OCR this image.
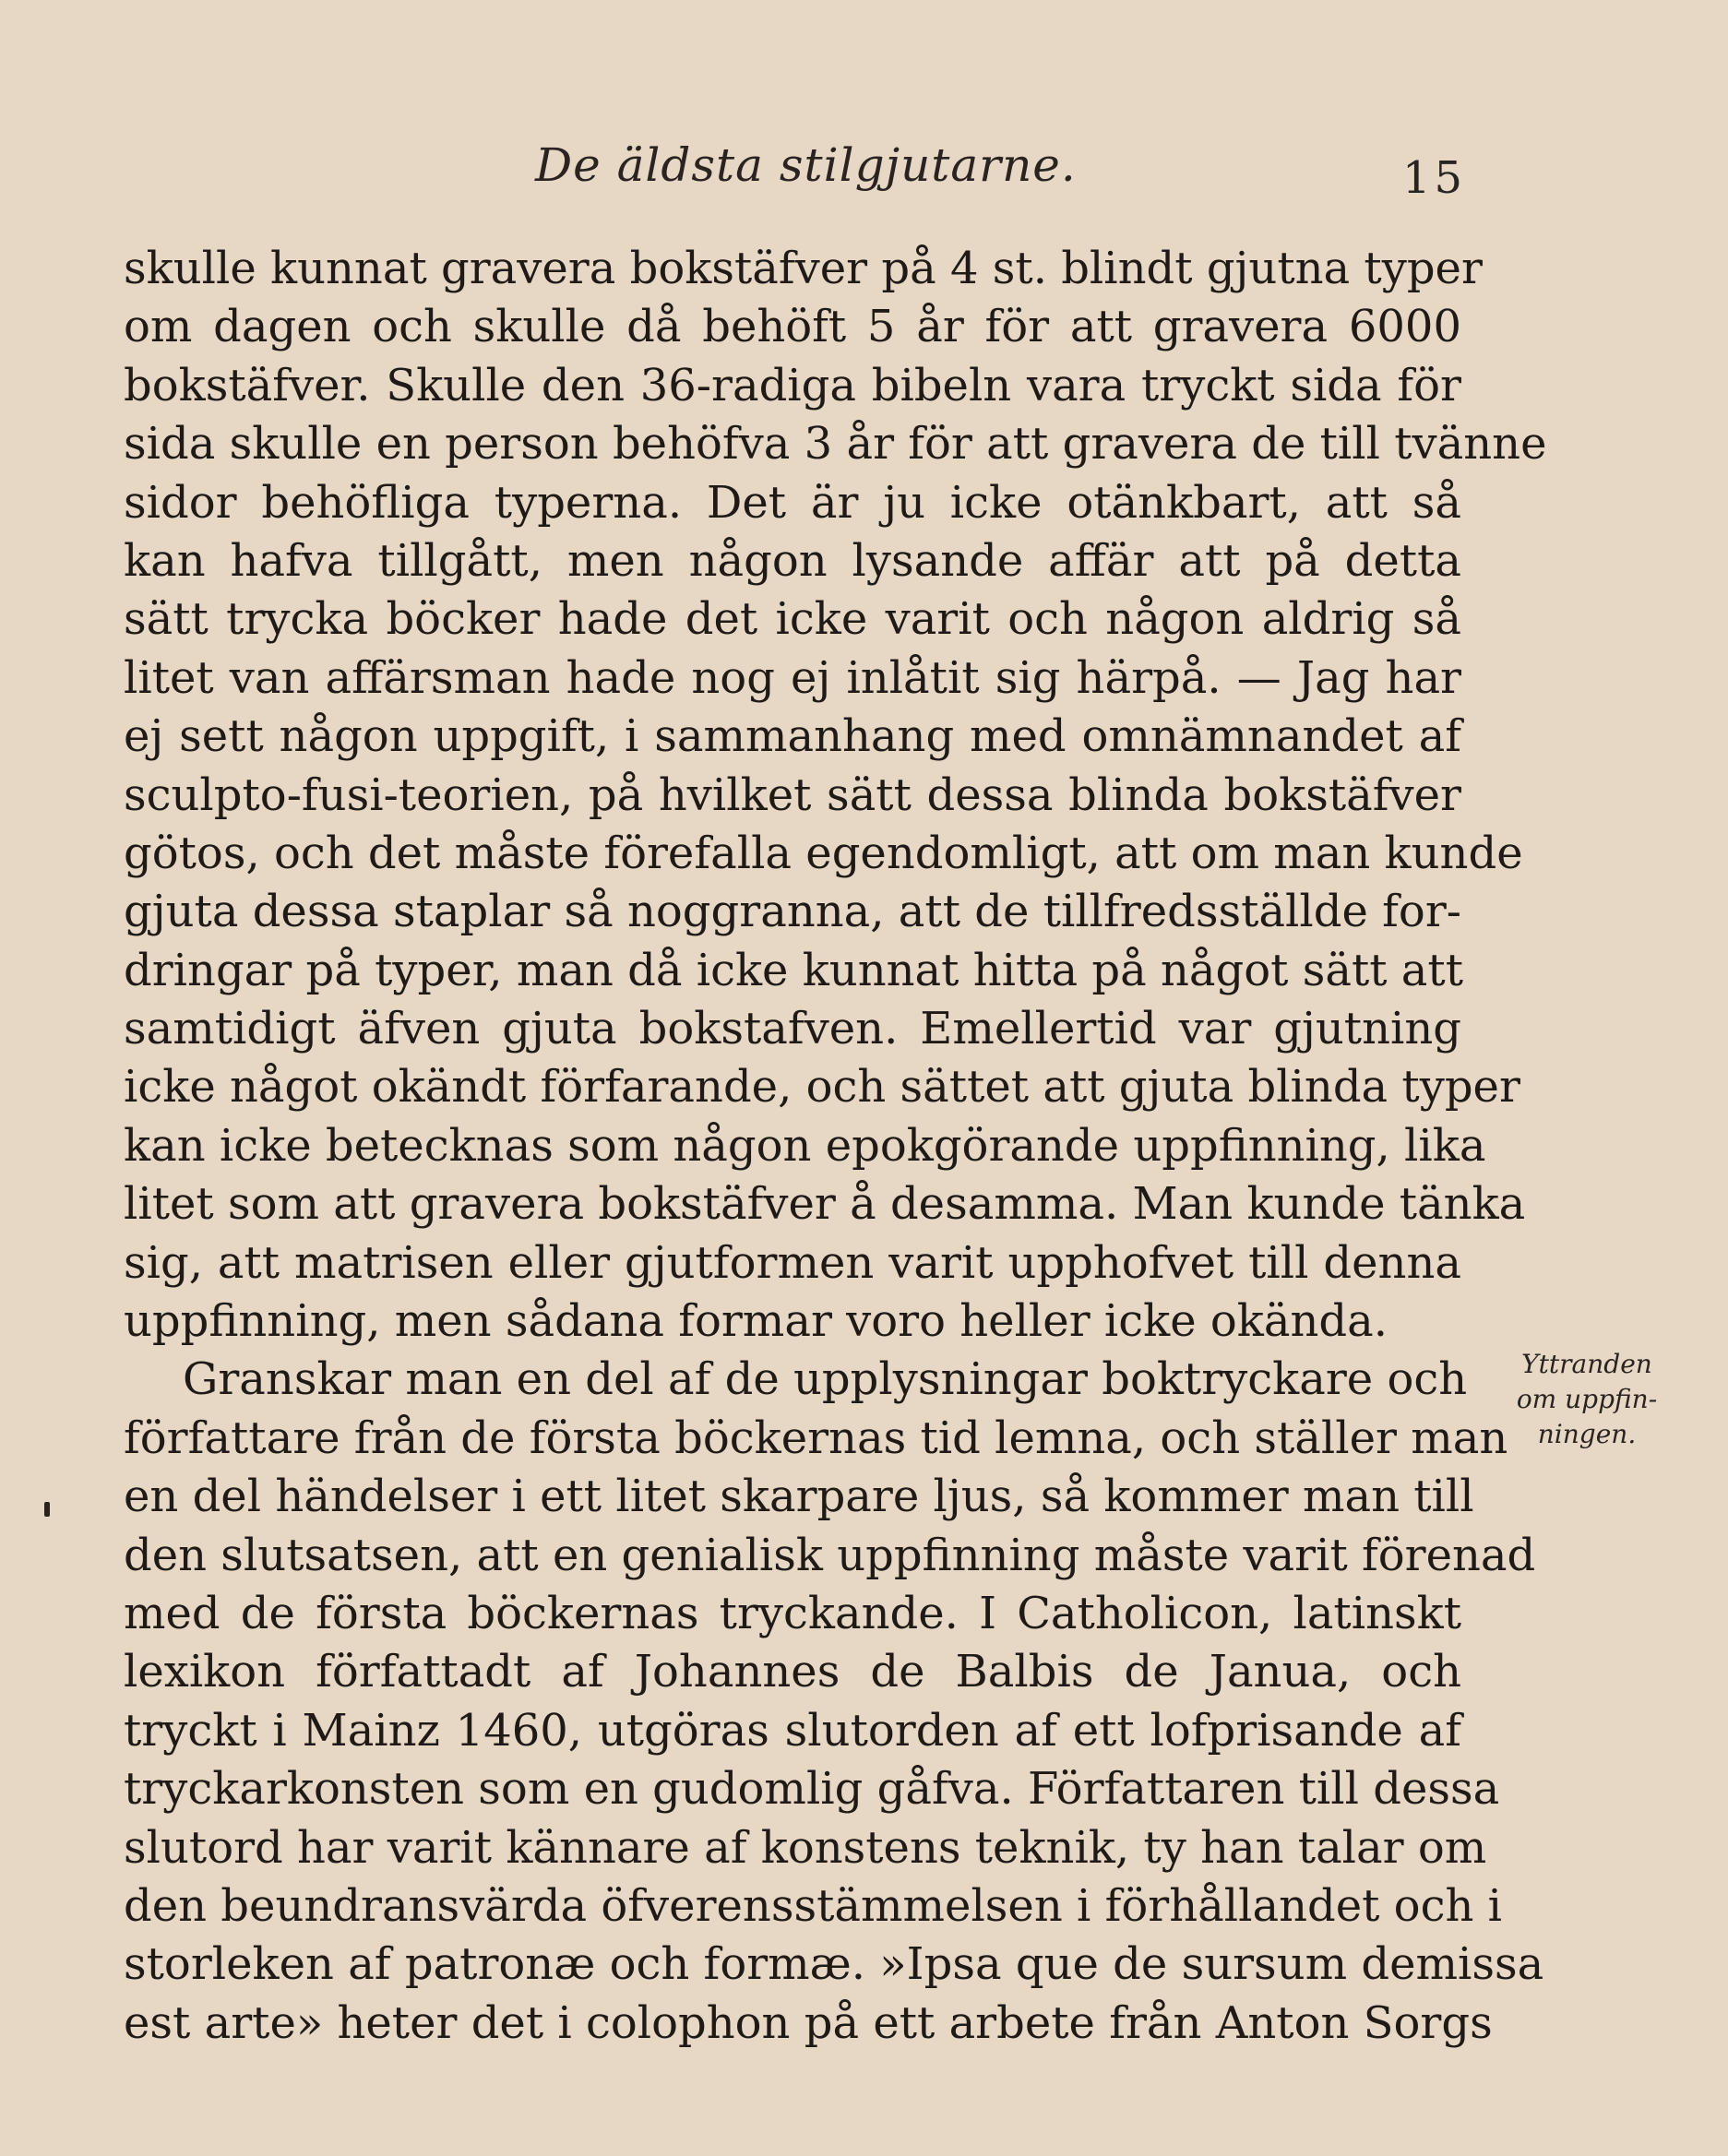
De äldsta stilgjutarne.	15
skulle kunnat gravera bokstäfver på 4 st. blindt gjutna typer
om dagen och skulle då behöft 5 år för att gravera 6000
bokstäfver. Skulle den 36-radiga bibeln vara tryckt sida för
sida skulle en person behöfva 3 år för att gravera de till tvänne
sidor behöfliga typerna. Det är ju icke otänkbart, att så
kan hafva tillgått, men någon lysande affär att på detta
sätt trycka böcker hade det icke varit och någon aldrig så
litet van affärsman hade nog ej inlåtit sig härpå. — Jag har
ej sett någon uppgift, i sammanhang med omnämnandet af
sculpto-fusi-teorien, på hvilket sätt dessa blinda bokstäfver
götos, och det måste förefalla egendomligt, att om man kunde
gjuta dessa staplar så noggranna, att de tillfredsställde for-
dringar på typer, man då icke kunnat hitta på något sätt att
samtidigt äfven gjuta bokstafven. Emellertid var gjutning
icke något okändt förfarande, och sättet att gjuta blinda typer
kan icke betecknas som någon epokgörande uppfinning, lika
litet som att gravera bokstäfver å desamma. Man kunde tänka
sig, att matrisen eller gjutformen varit upphofvet till denna
uppfinning, men sådana formar voro heller icke okända.
Granskar man en del af de upplysningar boktryckare och
författare från de första böckernas tid lemna, och ställer man
en del händelser i ett litet skarpare ljus, så kommer man till
den slutsatsen, att en genialisk uppfinning måste varit förenad
med de första böckernas tryckande. I Catholicon, latinskt
lexikon författadt af Johannes de Balbis de Janua, och
tryckt i Mainz 1460, utgöras slutorden af ett lofprisande af
tryckarkonsten som en gudomlig gåfva. Författaren till dessa
slutord har varit kännare af konstens teknik, ty han talar om
den beundransvärda öfverensstämmelsen i förhållandet och i
storleken af patronæ och formæ. »Ipsa que de sursum demissa
est arte» heter det i colophon på ett arbete från Anton Sorgs
Yttranden
om uppfin-
ningen.
